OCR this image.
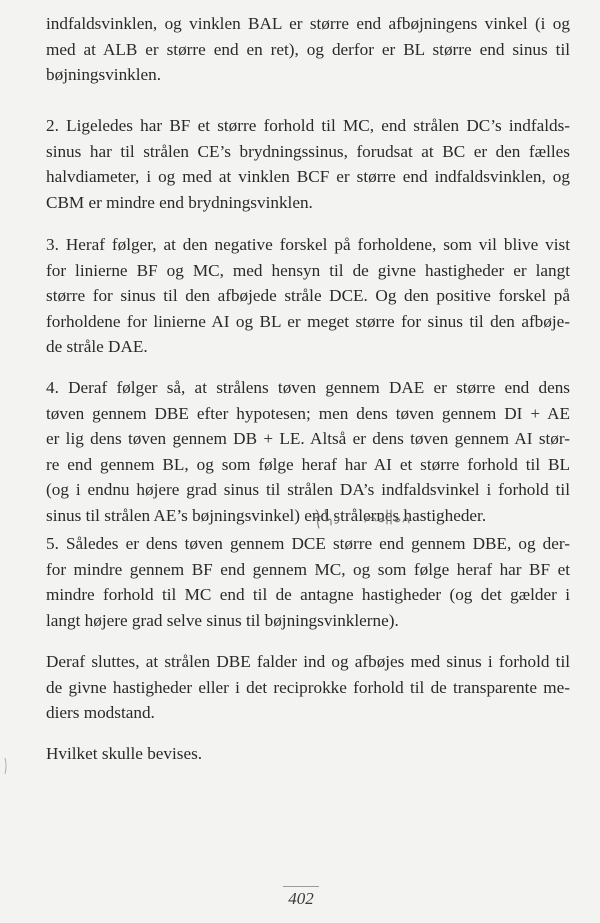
indfaldsvinklen, og vinklen BAL er større end afbøjningens vinkel (i og
med at ALB er større end en ret), og derfor er BL større end sinus til
bøjningsvinklen.
2. Ligeledes har BF et større forhold til MC, end strålen DC’s indfalds-
sinus har til strålen CE’s brydningssinus, forudsat at BC er den fælles
halvdiameter, i og med at vinklen BCF er større end indfaldsvinklen, og
CBM er mindre end brydningsvinklen.
3. Heraf følger, at den negative forskel på forholdene, som vil blive vist
for linierne BF og MC, med hensyn til de givne hastigheder er langt
større for sinus til den afbøjede stråle DCE. Og den positive forskel på
forholdene for linierne AI og BL er meget større for sinus til den afbøje-
de stråle DAE.
4. Deraf følger så, at strålens tøven gennem DAE er større end dens
tøven gennem DBE efter hypotesen; men dens tøven gennem DI + AE
er lig dens tøven gennem DB + LE. Altså er dens tøven gennem AI stør-
re end gennem BL, og som følge heraf har AI et større forhold til BL
(og i endnu højere grad sinus til strålen DA’s indfaldsvinkel i forhold til
sinus til strålen AE’s bøjningsvinkel) end strålernes hastigheder.
5. Således er dens tøven gennem DCE større end gennem DBE, og der-
for mindre gennem BF end gennem MC, og som følge heraf har BF et
mindre forhold til MC end til de antagne hastigheder (og det gælder i
langt højere grad selve sinus til bøjningsvinklerne).
Deraf sluttes, at strålen DBE falder ind og afbøjes med sinus i forhold til
de givne hastigheder eller i det reciprokke forhold til de transparente me-
diers modstand.
Hvilket skulle bevises.
402
